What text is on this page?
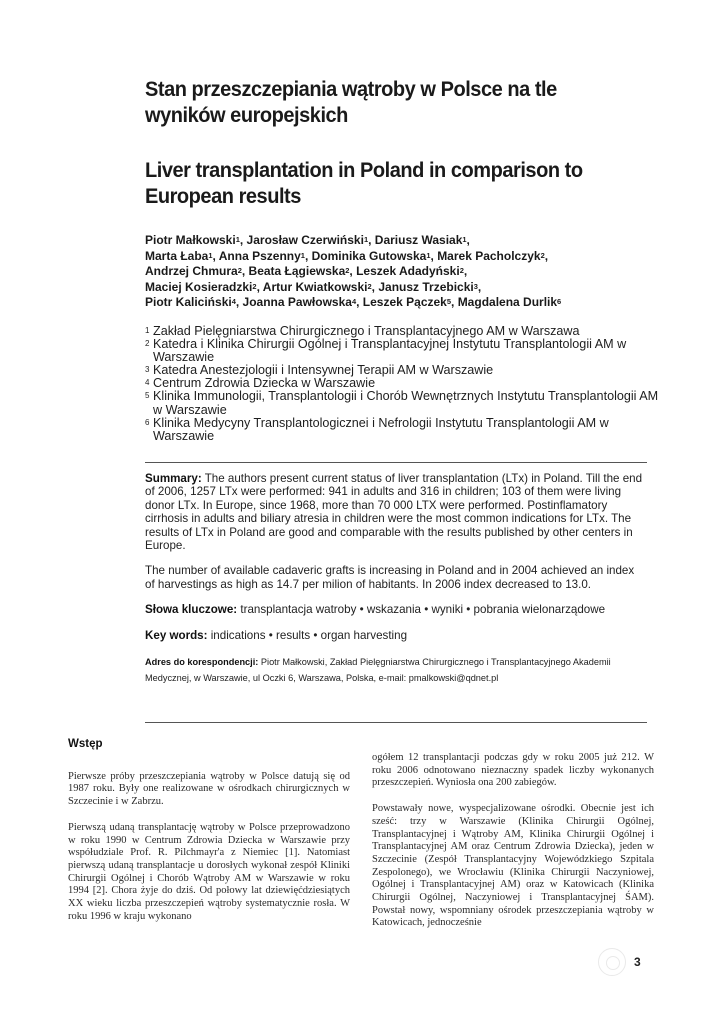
Stan przeszczepiania wątroby w Polsce na tle wyników europejskich
Liver transplantation in Poland in comparison to European results
Piotr Małkowski$^1$, Jarosław Czerwiński$^1$, Dariusz Wasiak$^1$,
Marta Łaba$^1$, Anna Pszenny$^1$, Dominika Gutowska$^1$, Marek Pacholczyk$^2$,
Andrzej Chmura$^2$, Beata Łągiewska$^2$, Leszek Adadyński$^2$,
Maciej Kosieradzki$^2$, Artur Kwiatkowski$^2$, Janusz Trzebicki$^3$,
Piotr Kaliciński$^4$, Joanna Pawłowska$^4$, Leszek Pączek$^5$, Magdalena Durlik$^6$
1 Zakład Pielęgniarstwa Chirurgicznego i Transplantacyjnego AM w Warszawa
2 Katedra i Klinika Chirurgii Ogólnej i Transplantacyjnej Instytutu Transplantologii AM w Warszawie
3 Katedra Anestezjologii i Intensywnej Terapii AM w Warszawie
4 Centrum Zdrowia Dziecka w Warszawie
5 Klinika Immunologii, Transplantologii i Chorób Wewnętrznych Instytutu Transplantologii AM w Warszawie
6 Klinika Medycyny Transplantologicznei i Nefrologii Instytutu Transplantologii AM w Warszawie

Summary: The authors present current status of liver transplantation (LTx) in Poland. Till the end of 2006, 1257 LTx were performed: 941 in adults and 316 in children; 103 of them were living donor LTx. In Europe, since 1968, more than 70 000 LTX were performed. Postinflamatory cirrhosis in adults and biliary atresia in children were the most common indications for LTx. The results of LTx in Poland are good and comparable with the results published by other centers in Europe.

The number of available cadaveric grafts is increasing in Poland and in 2004 achieved an index of harvestings as high as 14.7 per milion of habitants. In 2006 index decreased to 13.0.

Słowa kluczowe: transplantacja watroby • wskazania • wyniki • pobrania wielonarządowe

Key words: indications • results • organ harvesting

Adres do korespondencji: Piotr Małkowski, Zakład Pielęgniarstwa Chirurgicznego i Transplantacyjnego Akademii Medycznej, w Warszawie, ul Oczki 6, Warszawa, Polska, e-mail: pmalkowski@qdnet.pl

Wstęp

Pierwsze próby przeszczepiania wątroby w Polsce datują się od 1987 roku. Były one realizowane w ośrodkach chirurgicznych w Szczecinie i w Zabrzu.

Pierwszą udaną transplantację wątroby w Polsce przeprowadzono w roku 1990 w Centrum Zdrowia Dziecka w Warszawie przy współudziale Prof. R. Pilchmayr'a z Niemiec [1]. Natomiast pierwszą udaną transplantacje u dorosłych wykonał zespół Kliniki Chirurgii Ogólnej i Chorób Wątroby AM w Warszawie w roku 1994 [2]. Chora żyje do dziś. Od połowy lat dziewięćdziesiątych XX wieku liczba przeszczepień wątroby systematycznie rosła. W roku 1996 w kraju wykonano

ogółem 12 transplantacji podczas gdy w roku 2005 już 212. W roku 2006 odnotowano nieznaczny spadek liczby wykonanych przeszczepień. Wyniosła ona 200 zabiegów.

Powstawały nowe, wyspecjalizowane ośrodki. Obecnie jest ich sześć: trzy w Warszawie (Klinika Chirurgii Ogólnej, Transplantacyjnej i Wątroby AM, Klinika Chirurgii Ogólnej i Transplantacyjnej AM oraz Centrum Zdrowia Dziecka), jeden w Szczecinie (Zespół Transplantacyjny Wojewódzkiego Szpitala Zespolonego), we Wrocławiu (Klinika Chirurgii Naczyniowej, Ogólnej i Transplantacyjnej AM) oraz w Katowicach (Klinika Chirurgii Ogólnej, Naczyniowej i Transplantacyjnej ŚAM). Powstał nowy, wspomniany ośrodek przeszczepiania wątroby w Katowicach, jednocześnie

3
